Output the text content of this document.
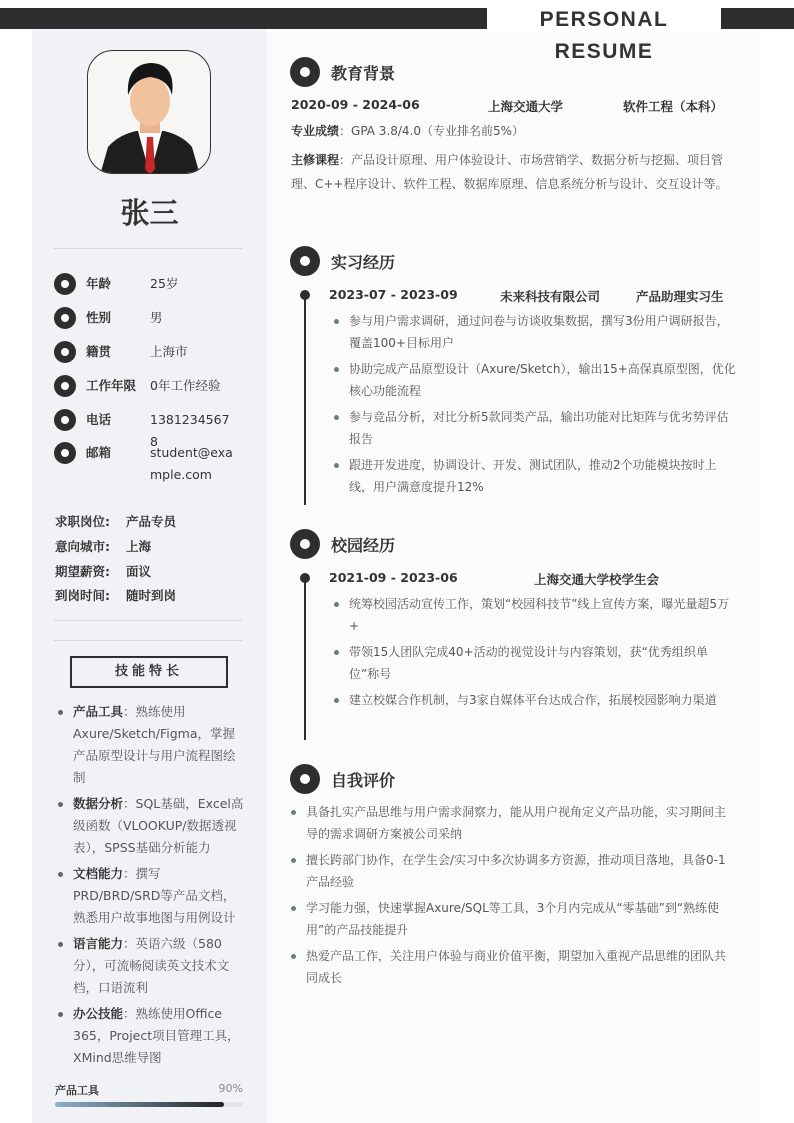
PERSONAL RESUME
张三
年龄	25岁
性别	男
籍贯	上海市
工作年限	0年工作经验
电话	13812345678
邮箱	student@example.com
求职岗位: 产品专员
意向城市: 上海
期望薪资: 面议
到岗时间: 随时到岗
技能特长
产品工具：熟练使用Axure/Sketch/Figma，掌握产品原型设计与用户流程图绘制
数据分析：SQL基础，Excel高级函数（VLOOKUP/数据透视表），SPSS基础分析能力
文档能力：撰写PRD/BRD/SRD等产品文档，熟悉用户故事地图与用例设计
语言能力：英语六级（580分），可流畅阅读英文技术文档，口语流利
办公技能：熟练使用Office 365，Project项目管理工具，XMind思维导图
产品工具	90%
教育背景
2020-09 - 2024-06	上海交通大学	软件工程（本科）
专业成绩：GPA 3.8/4.0（专业排名前5%）
主修课程：产品设计原理、用户体验设计、市场营销学、数据分析与挖掘、项目管理、C++程序设计、软件工程、数据库原理、信息系统分析与设计、交互设计等。
实习经历
2023-07 - 2023-09	未来科技有限公司	产品助理实习生
参与用户需求调研，通过问卷与访谈收集数据，撰写3份用户调研报告，覆盖100+目标用户
协助完成产品原型设计（Axure/Sketch），输出15+高保真原型图，优化核心功能流程
参与竞品分析，对比分析5款同类产品，输出功能对比矩阵与优劣势评估报告
跟进开发进度，协调设计、开发、测试团队，推动2个功能模块按时上线，用户满意度提升12%
校园经历
2021-09 - 2023-06	上海交通大学校学生会
统筹校园活动宣传工作，策划“校园科技节”线上宣传方案，曝光量超5万+
带领15人团队完成40+活动的视觉设计与内容策划，获“优秀组织单位”称号
建立校媒合作机制，与3家自媒体平台达成合作，拓展校园影响力渠道
自我评价
具备扎实产品思维与用户需求洞察力，能从用户视角定义产品功能，实习期间主导的需求调研方案被公司采纳
擅长跨部门协作，在学生会/实习中多次协调多方资源，推动项目落地，具备0-1产品经验
学习能力强，快速掌握Axure/SQL等工具，3个月内完成从“零基础”到“熟练使用”的产品技能提升
热爱产品工作，关注用户体验与商业价值平衡，期望加入重视产品思维的团队共同成长
